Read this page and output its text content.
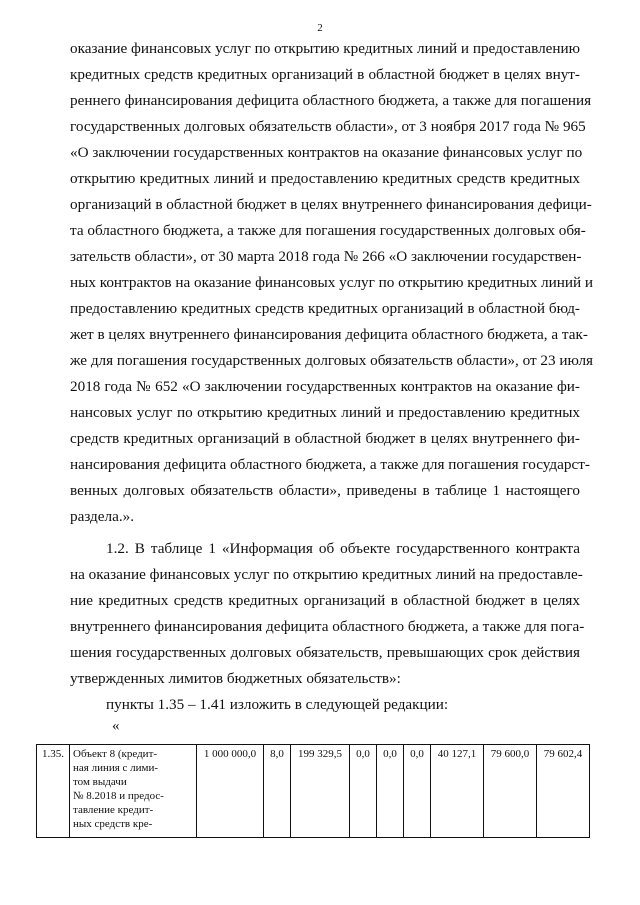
2
оказание финансовых услуг по открытию кредитных линий и предоставлению
кредитных средств кредитных организаций в областной бюджет в целях внут-
реннего финансирования дефицита областного бюджета, а также для погашения
государственных долговых обязательств области», от 3 ноября 2017 года № 965
«О заключении государственных контрактов на оказание финансовых услуг по
открытию кредитных линий и предоставлению кредитных средств кредитных
организаций в областной бюджет в целях внутреннего финансирования дефици-
та областного бюджета, а также для погашения государственных долговых обя-
зательств области», от 30 марта 2018 года № 266 «О заключении государствен-
ных контрактов на оказание финансовых услуг по открытию кредитных линий и
предоставлению кредитных средств кредитных организаций в областной бюд-
жет в целях внутреннего финансирования дефицита областного бюджета, а так-
же для погашения государственных долговых обязательств области», от 23 июля
2018 года № 652 «О заключении государственных контрактов на оказание фи-
нансовых услуг по открытию кредитных линий и предоставлению кредитных
средств кредитных организаций в областной бюджет в целях внутреннего фи-
нансирования дефицита областного бюджета, а также для погашения государст-
венных долговых обязательств области», приведены в таблице 1 настоящего
раздела.».
1.2. В таблице 1 «Информация об объекте государственного контракта
на оказание финансовых услуг по открытию кредитных линий на предоставле-
ние кредитных средств кредитных организаций в областной бюджет в целях
внутреннего финансирования дефицита областного бюджета, а также для пога-
шения государственных долговых обязательств, превышающих срок действия
утвержденных лимитов бюджетных обязательств»:
пункты 1.35 – 1.41 изложить в следующей редакции:
«
1.35.	Объект 8 (кредит-
ная линия с лими-
том выдачи
№ 8.2018 и предос-
тавление кредит-
ных средств кре-
	1 000 000,0	8,0	199 329,5	0,0	0,0	0,0	40 127,1	79 600,0	79 602,4
